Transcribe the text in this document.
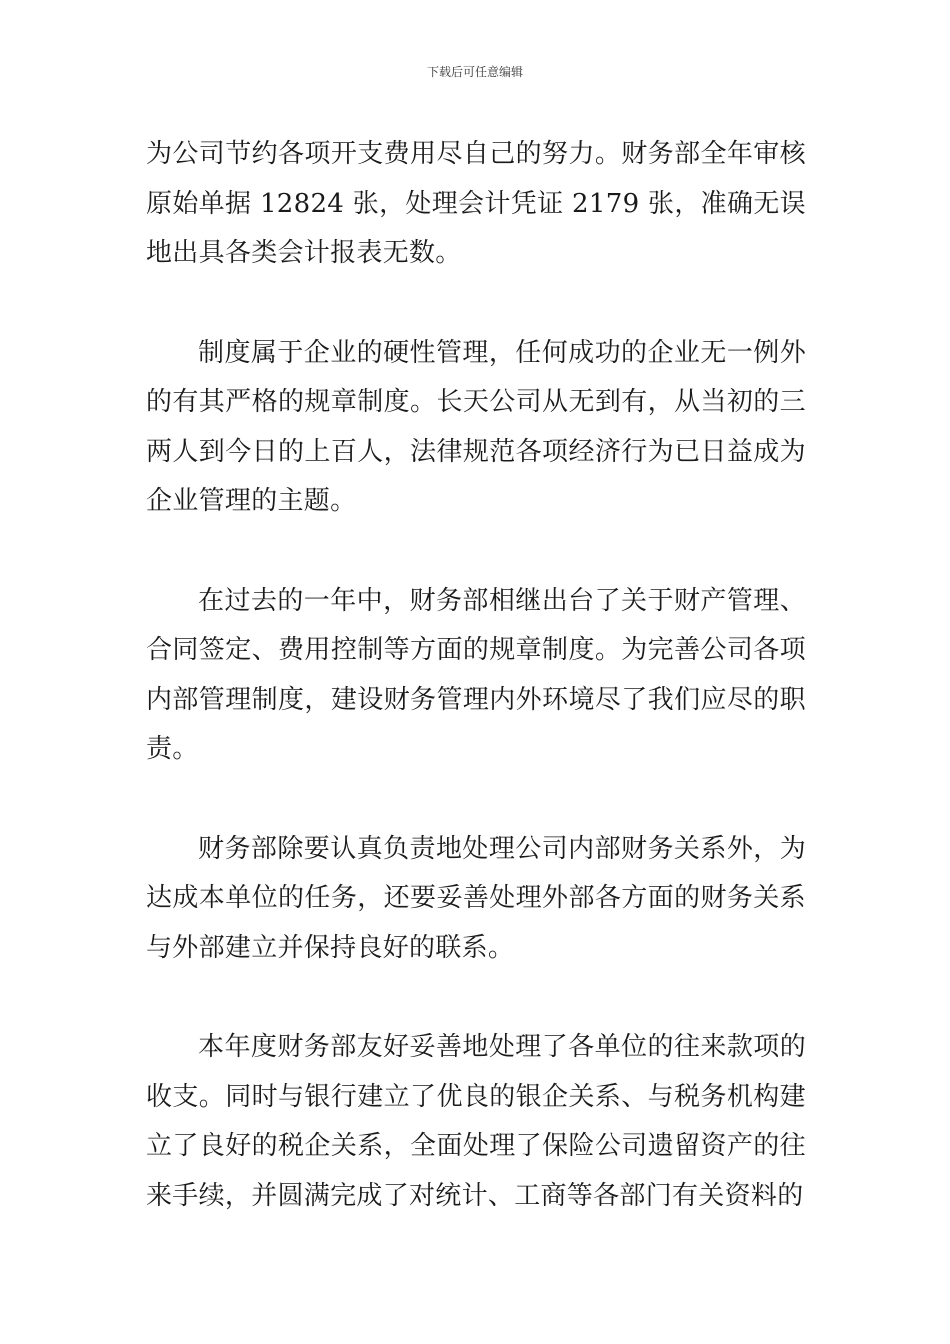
下载后可任意编辑

为公司节约各项开支费用尽自己的努力。财务部全年审核原始单据 12824 张，处理会计凭证 2179 张，准确无误地出具各类会计报表无数。

制度属于企业的硬性管理，任何成功的企业无一例外的有其严格的规章制度。长天公司从无到有，从当初的三两人到今日的上百人，法律规范各项经济行为已日益成为企业管理的主题。

在过去的一年中，财务部相继出台了关于财产管理、合同签定、费用控制等方面的规章制度。为完善公司各项内部管理制度，建设财务管理内外环境尽了我们应尽的职责。

财务部除要认真负责地处理公司内部财务关系外，为达成本单位的任务，还要妥善处理外部各方面的财务关系与外部建立并保持良好的联系。

本年度财务部友好妥善地处理了各单位的往来款项的收支。同时与银行建立了优良的银企关系、与税务机构建立了良好的税企关系，全面处理了保险公司遗留资产的往来手续，并圆满完成了对统计、工商等各部门有关资料的
